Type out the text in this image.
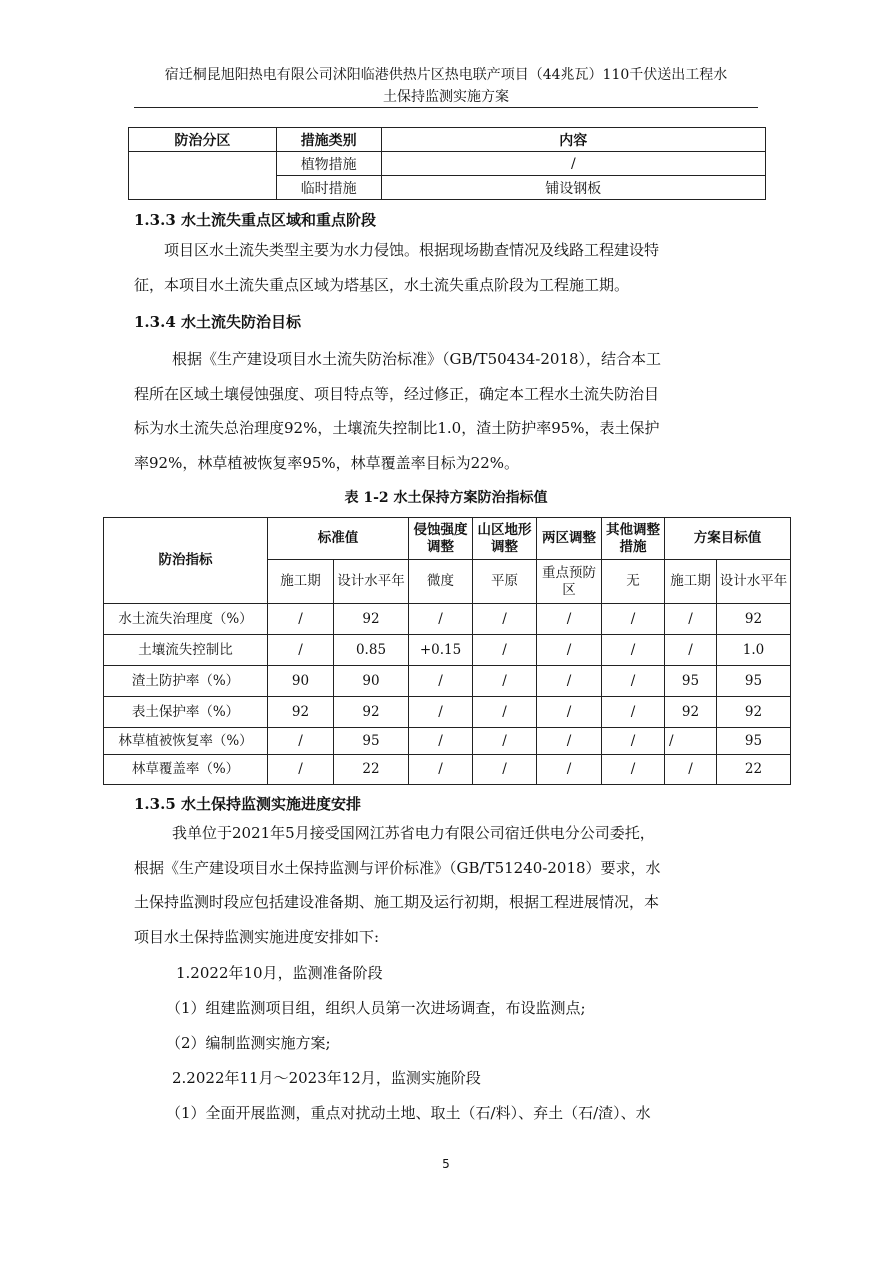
宿迁桐昆旭阳热电有限公司沭阳临港供热片区热电联产项目（44兆瓦）110千伏送出工程水
土保持监测实施方案
防治分区	措施类别	内容
	植物措施	/
	临时措施	铺设钢板
1.3.3 水土流失重点区域和重点阶段
项目区水土流失类型主要为水力侵蚀。根据现场勘查情况及线路工程建设特
征，本项目水土流失重点区域为塔基区，水土流失重点阶段为工程施工期。
1.3.4 水土流失防治目标
根据《生产建设项目水土流失防治标准》（GB/T50434-2018），结合本工
程所在区域土壤侵蚀强度、项目特点等，经过修正，确定本工程水土流失防治目
标为水土流失总治理度92%，土壤流失控制比1.0，渣土防护率95%，表土保护
率92%，林草植被恢复率95%，林草覆盖率目标为22%。
表 1-2 水土保持方案防治指标值
防治指标	标准值		侵蚀强度调整	山区地形调整	两区调整	其他调整措施	方案目标值	
	施工期	设计水平年	微度	平原	重点预防区	无	施工期	设计水平年
水土流失治理度（%）	/	92	/	/	/	/	/	92
土壤流失控制比	/	0.85	+0.15	/	/	/	/	1.0
渣土防护率（%）	90	90	/	/	/	/	95	95
表土保护率（%）	92	92	/	/	/	/	92	92
林草植被恢复率（%）	/	95	/	/	/	/	/	95
林草覆盖率（%）	/	22	/	/	/	/	/	22
1.3.5 水土保持监测实施进度安排
我单位于2021年5月接受国网江苏省电力有限公司宿迁供电分公司委托，
根据《生产建设项目水土保持监测与评价标准》（GB/T51240-2018）要求，水
土保持监测时段应包括建设准备期、施工期及运行初期，根据工程进展情况，本
项目水土保持监测实施进度安排如下:
1.2022年10月，监测准备阶段
（1）组建监测项目组，组织人员第一次进场调查，布设监测点;
（2）编制监测实施方案;
2.2022年11月～2023年12月，监测实施阶段
（1）全面开展监测，重点对扰动土地、取土（石/料）、弃土（石/渣）、水
5
